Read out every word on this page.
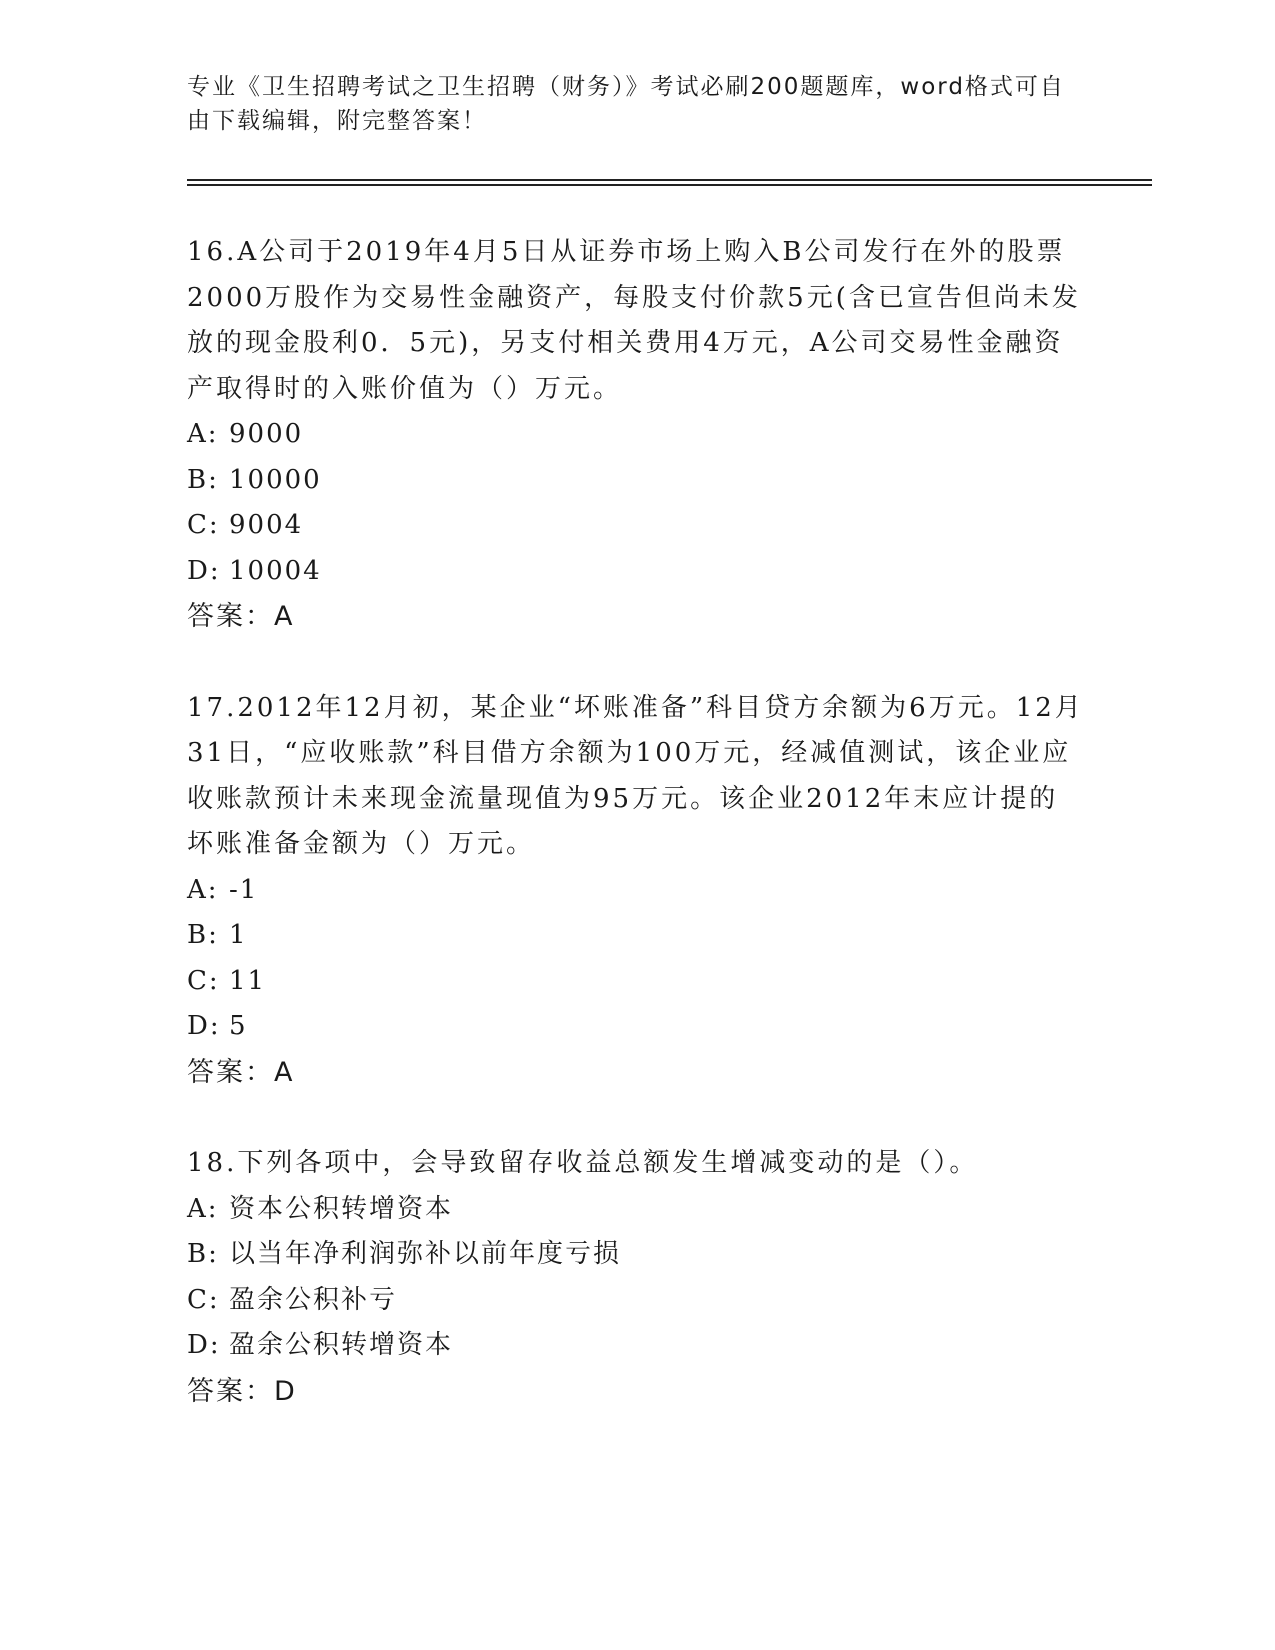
专业《卫生招聘考试之卫生招聘（财务）》考试必刷200题题库，word格式可自由下载编辑，附完整答案！

16.A公司于2019年4月5日从证券市场上购入B公司发行在外的股票2000万股作为交易性金融资产，每股支付价款5元(含已宣告但尚未发放的现金股利0．5元)，另支付相关费用4万元，A公司交易性金融资产取得时的入账价值为（）万元。

A: 9000
B: 10000
C: 9004
D: 10004
答案：A

17.2012年12月初，某企业“坏账准备”科目贷方余额为6万元。12月31日，“应收账款”科目借方余额为100万元，经减值测试，该企业应收账款预计未来现金流量现值为95万元。该企业2012年末应计提的坏账准备金额为（）万元。

A: -1
B: 1
C: 11
D: 5
答案：A

18.下列各项中，会导致留存收益总额发生增减变动的是（）。

A: 资本公积转增资本
B: 以当年净利润弥补以前年度亏损
C: 盈余公积补亏
D: 盈余公积转增资本
答案：D
